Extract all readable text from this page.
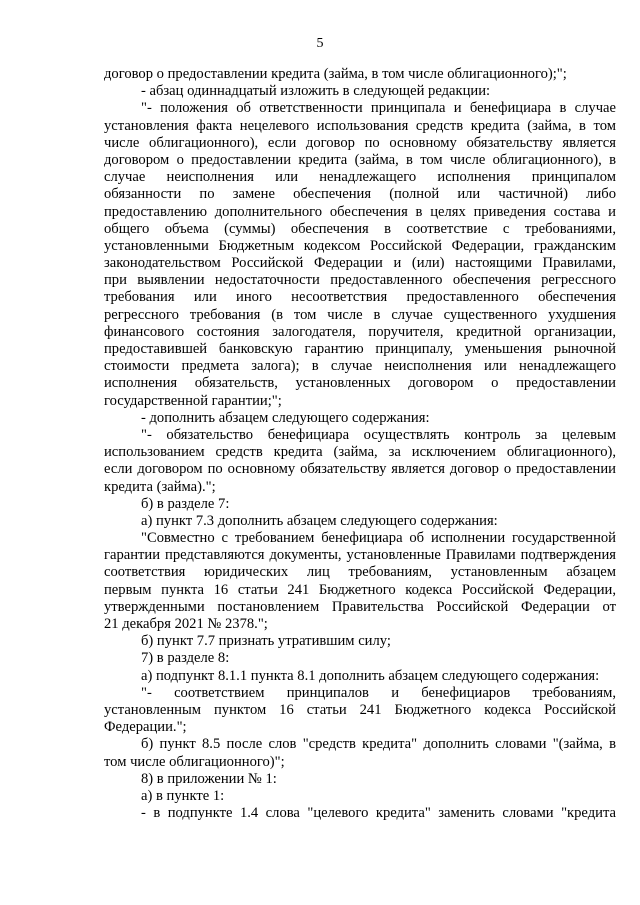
5
договор о предоставлении кредита (займа, в том числе облигационного);";
- абзац одиннадцатый изложить в следующей редакции:
"- положения об ответственности принципала и бенефициара в случае
установления факта нецелевого использования средств кредита (займа, в том
числе облигационного), если договор по основному обязательству является
договором о предоставлении кредита (займа, в том числе облигационного), в
случае неисполнения или ненадлежащего исполнения принципалом
обязанности по замене обеспечения (полной или частичной) либо
предоставлению дополнительного обеспечения в целях приведения состава и
общего объема (суммы) обеспечения в соответствие с требованиями,
установленными Бюджетным кодексом Российской Федерации, гражданским
законодательством Российской Федерации и (или) настоящими Правилами,
при выявлении недостаточности предоставленного обеспечения регрессного
требования или иного несоответствия предоставленного обеспечения
регрессного требования (в том числе в случае существенного ухудшения
финансового состояния залогодателя, поручителя, кредитной организации,
предоставившей банковскую гарантию принципалу, уменьшения рыночной
стоимости предмета залога); в случае неисполнения или ненадлежащего
исполнения обязательств, установленных договором о предоставлении
государственной гарантии;";
- дополнить абзацем следующего содержания:
"- обязательство бенефициара осуществлять контроль за целевым
использованием средств кредита (займа, за исключением облигационного),
если договором по основному обязательству является договор о предоставлении
кредита (займа).";
б) в разделе 7:
а) пункт 7.3 дополнить абзацем следующего содержания:
"Совместно с требованием бенефициара об исполнении государственной
гарантии представляются документы, установленные Правилами подтверждения
соответствия юридических лиц требованиям, установленным абзацем
первым пункта 16 статьи 241 Бюджетного кодекса Российской Федерации,
утвержденными постановлением Правительства Российской Федерации от
21 декабря 2021 № 2378.";
б) пункт 7.7 признать утратившим силу;
7) в разделе 8:
а) подпункт 8.1.1 пункта 8.1 дополнить абзацем следующего содержания:
"- соответствием принципалов и бенефициаров требованиям,
установленным пунктом 16 статьи 241 Бюджетного кодекса Российской
Федерации.";
б) пункт 8.5 после слов "средств кредита" дополнить словами "(займа, в
том числе облигационного)";
8) в приложении № 1:
а) в пункте 1:
- в подпункте 1.4 слова "целевого кредита" заменить словами "кредита
